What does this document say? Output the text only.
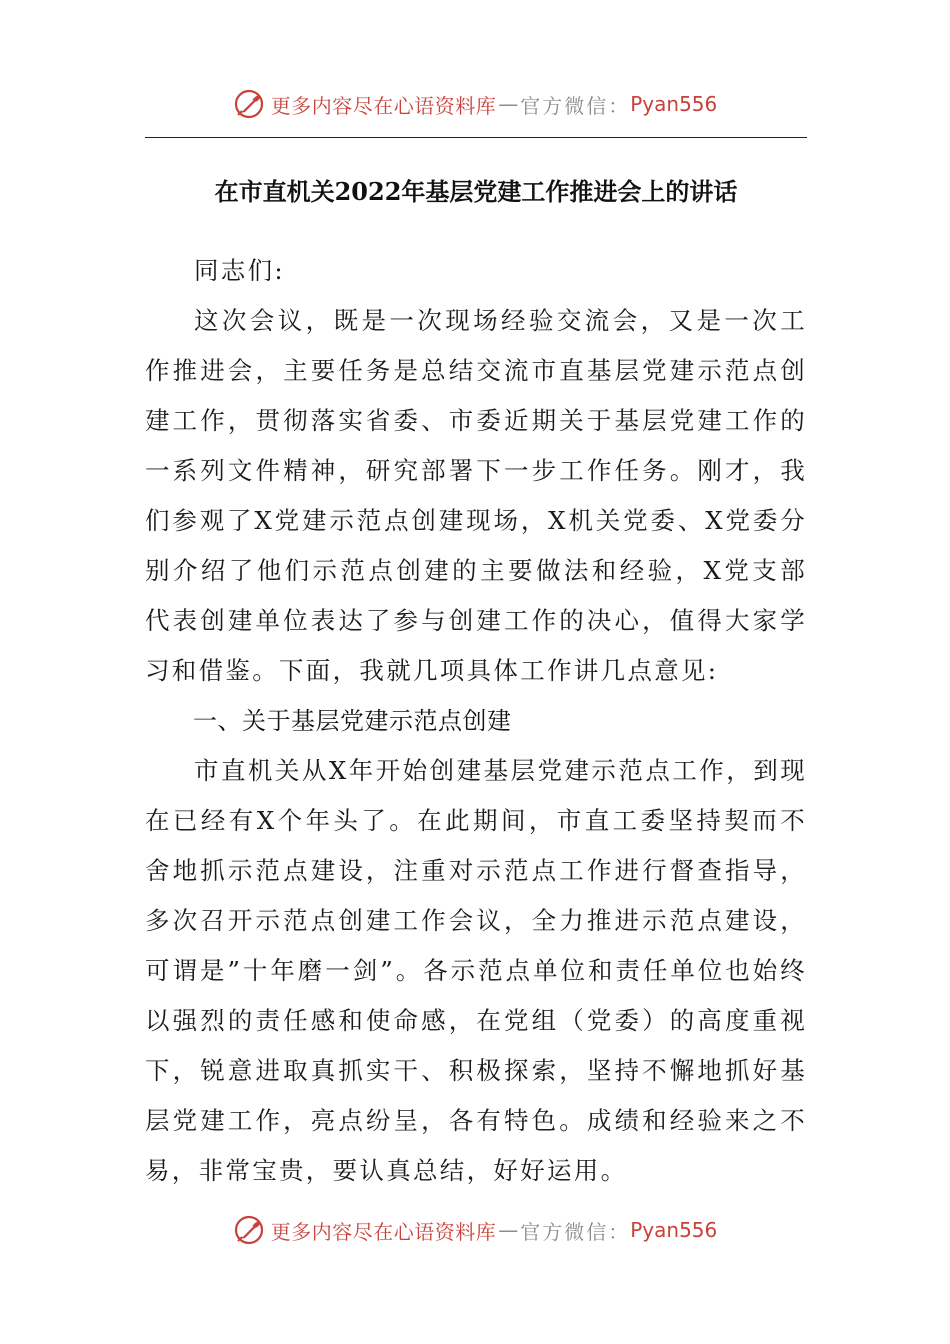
更多内容尽在心语资料库 — 官方微信： Pyan556
在市直机关2022年基层党建工作推进会上的讲话

同志们:

这次会议，既是一次现场经验交流会，又是一次工作推进会，主要任务是总结交流市直基层党建示范点创建工作，贯彻落实省委、市委近期关于基层党建工作的一系列文件精神，研究部署下一步工作任务。刚才，我们参观了X党建示范点创建现场，X机关党委、X党委分别介绍了他们示范点创建的主要做法和经验，X党支部代表创建单位表达了参与创建工作的决心，值得大家学习和借鉴。下面，我就几项具体工作讲几点意见:

一、关于基层党建示范点创建

市直机关从X年开始创建基层党建示范点工作，到现在已经有X个年头了。在此期间，市直工委坚持契而不舍地抓示范点建设，注重对示范点工作进行督查指导，多次召开示范点创建工作会议，全力推进示范点建设，可谓是”十年磨一剑”。各示范点单位和责任单位也始终以强烈的责任感和使命感，在党组（党委）的高度重视下，锐意进取真抓实干、积极探索，坚持不懈地抓好基层党建工作，亮点纷呈，各有特色。成绩和经验来之不易，非常宝贵，要认真总结，好好运用。

更多内容尽在心语资料库 — 官方微信： Pyan556
